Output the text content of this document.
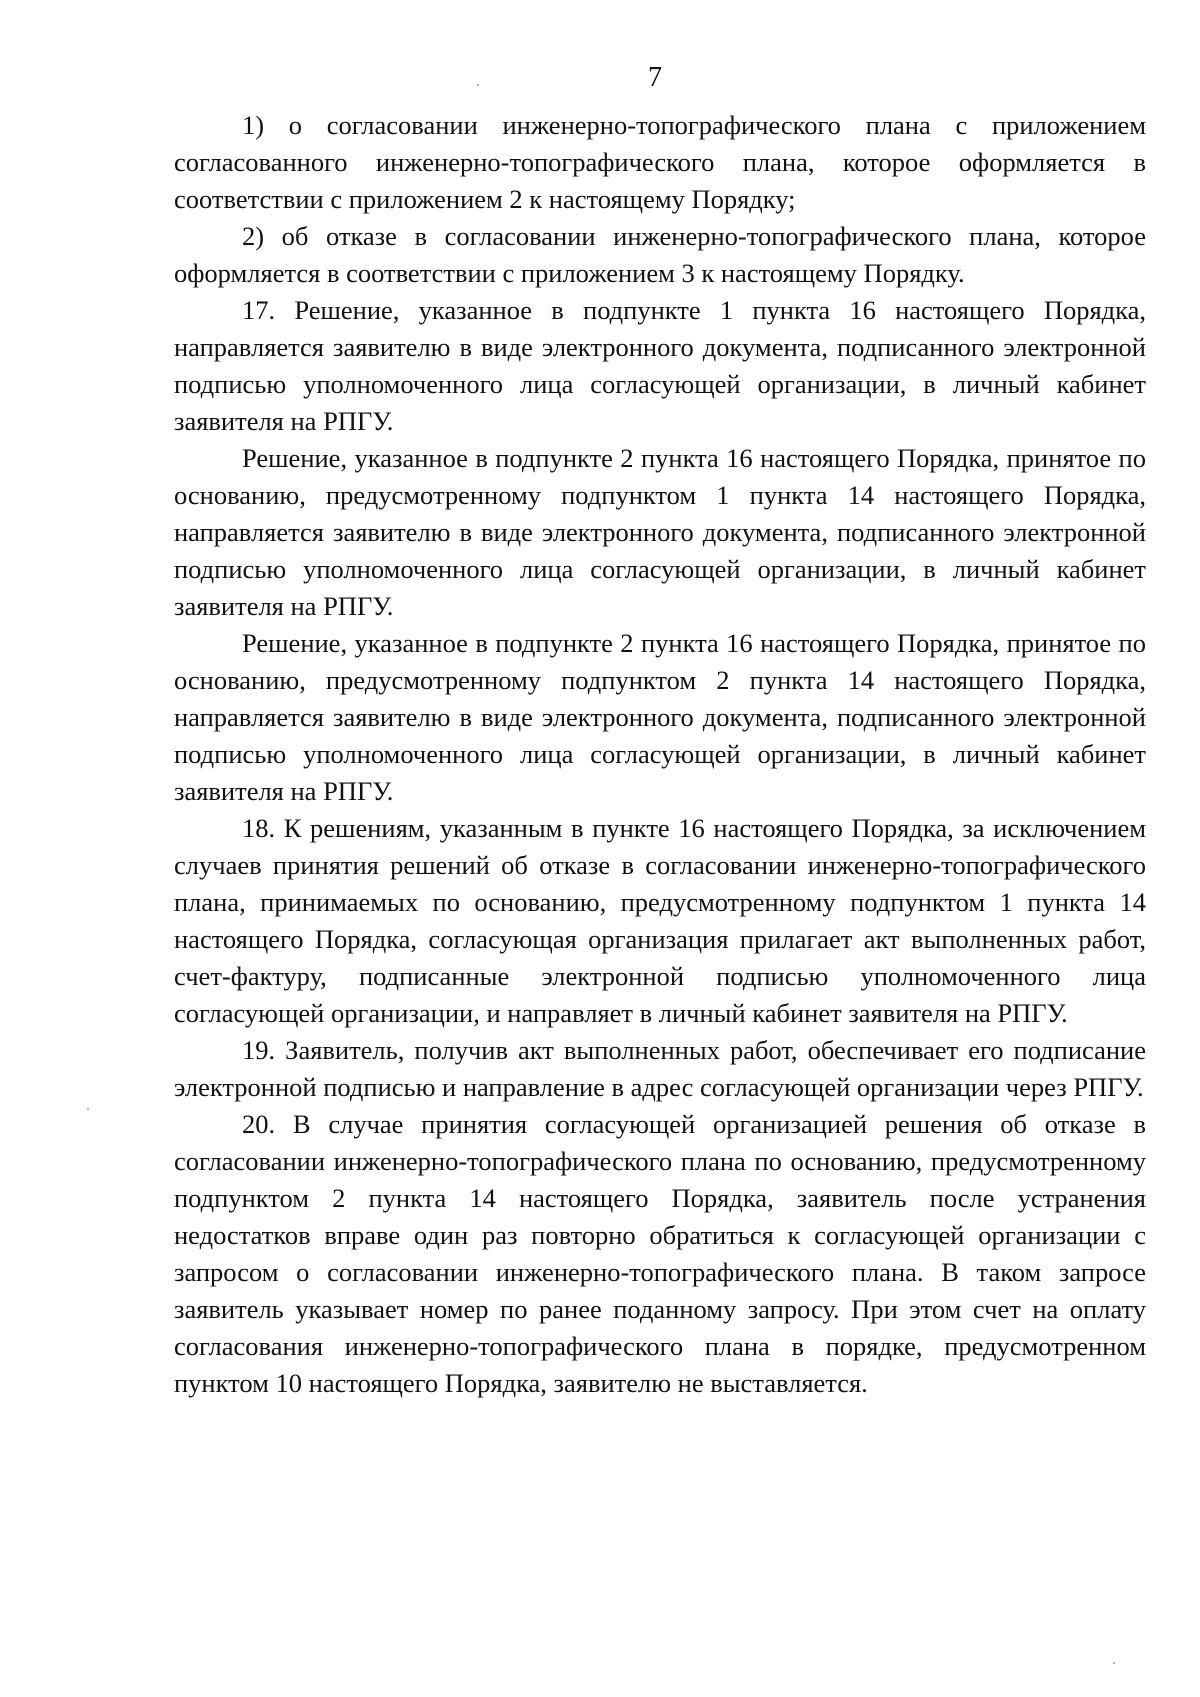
7

1) о согласовании инженерно-топографического плана с приложением согласованного инженерно-топографического плана, которое оформляется в соответствии с приложением 2 к настоящему Порядку;

2) об отказе в согласовании инженерно-топографического плана, которое оформляется в соответствии с приложением 3 к настоящему Порядку.

17. Решение, указанное в подпункте 1 пункта 16 настоящего Порядка, направляется заявителю в виде электронного документа, подписанного электронной подписью уполномоченного лица согласующей организации, в личный кабинет заявителя на РПГУ.

Решение, указанное в подпункте 2 пункта 16 настоящего Порядка, принятое по основанию, предусмотренному подпунктом 1 пункта 14 настоящего Порядка, направляется заявителю в виде электронного документа, подписанного электронной подписью уполномоченного лица согласующей организации, в личный кабинет заявителя на РПГУ.

Решение, указанное в подпункте 2 пункта 16 настоящего Порядка, принятое по основанию, предусмотренному подпунктом 2 пункта 14 настоящего Порядка, направляется заявителю в виде электронного документа, подписанного электронной подписью уполномоченного лица согласующей организации, в личный кабинет заявителя на РПГУ.

18. К решениям, указанным в пункте 16 настоящего Порядка, за исключением случаев принятия решений об отказе в согласовании инженерно-топографического плана, принимаемых по основанию, предусмотренному подпунктом 1 пункта 14 настоящего Порядка, согласующая организация прилагает акт выполненных работ, счет-фактуру, подписанные электронной подписью уполномоченного лица согласующей организации, и направляет в личный кабинет заявителя на РПГУ.

19. Заявитель, получив акт выполненных работ, обеспечивает его подписание электронной подписью и направление в адрес согласующей организации через РПГУ.

20. В случае принятия согласующей организацией решения об отказе в согласовании инженерно-топографического плана по основанию, предусмотренному подпунктом 2 пункта 14 настоящего Порядка, заявитель после устранения недостатков вправе один раз повторно обратиться к согласующей организации с запросом о согласовании инженерно-топографического плана. В таком запросе заявитель указывает номер по ранее поданному запросу. При этом счет на оплату согласования инженерно-топографического плана в порядке, предусмотренном пунктом 10 настоящего Порядка, заявителю не выставляется.
